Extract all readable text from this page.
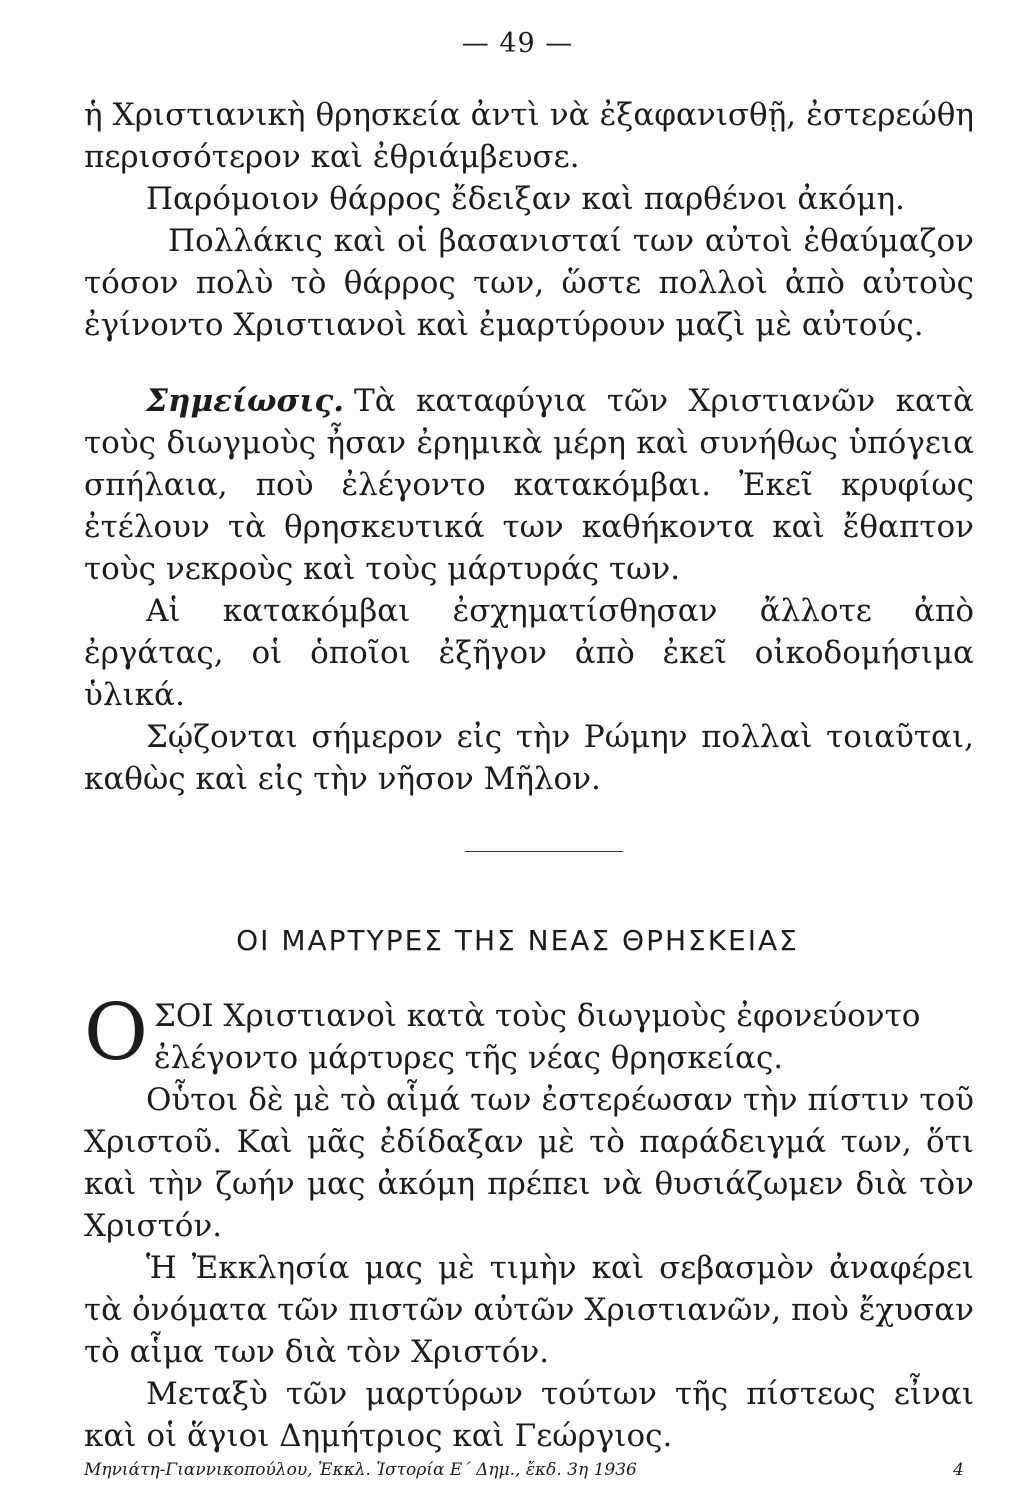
— 49 —

ἡ Χριστιανικὴ θρησκεία ἀντὶ νὰ ἐξαφανισθῇ, ἐστερεώθη περισσότερον καὶ ἐθριάμβευσε.

Παρόμοιον θάρρος ἔδειξαν καὶ παρθένοι ἀκόμη.

Πολλάκις καὶ οἱ βασανισταί των αὐτοὶ ἐθαύμαζον τόσον πολὺ τὸ θάρρος των, ὥστε πολλοὶ ἀπὸ αὐτοὺς ἐγίνοντο Χριστιανοὶ καὶ ἐμαρτύρουν μαζὶ μὲ αὐτούς.

Σημείωσις. Τὰ καταφύγια τῶν Χριστιανῶν κατὰ τοὺς διωγμοὺς ἦσαν ἐρημικὰ μέρη καὶ συνήθως ὑπόγεια σπήλαια, ποὺ ἐλέγοντο κατακόμβαι. Ἐκεῖ κρυφίως ἐτέλουν τὰ θρησκευτικά των καθήκοντα καὶ ἔθαπτον τοὺς νεκροὺς καὶ τοὺς μάρτυράς των.

Αἱ κατακόμβαι ἐσχηματίσθησαν ἄλλοτε ἀπὸ ἐργάτας, οἱ ὁποῖοι ἐξῆγον ἀπὸ ἐκεῖ οἰκοδομήσιμα ὑλικά.

Σῴζονται σήμερον εἰς τὴν Ρώμην πολλαὶ τοιαῦται, καθὼς καὶ εἰς τὴν νῆσον Μῆλον.

ΟΙ ΜΑΡΤΥΡΕΣ ΤΗΣ ΝΕΑΣ ΘΡΗΣΚΕΙΑΣ
Ο ΣΟΙ Χριστιανοὶ κατὰ τοὺς διωγμοὺς ἐφονεύοντο
ἐλέγοντο μάρτυρες τῆς νέας θρησκείας.

Οὗτοι δὲ μὲ τὸ αἷμά των ἐστερέωσαν τὴν πίστιν τοῦ Χριστοῦ. Καὶ μᾶς ἐδίδαξαν μὲ τὸ παράδειγμά των, ὅτι καὶ τὴν ζωήν μας ἀκόμη πρέπει νὰ θυσιάζωμεν διὰ τὸν Χριστόν.

Ἡ Ἐκκλησία μας μὲ τιμὴν καὶ σεβασμὸν ἀναφέρει τὰ ὀνόματα τῶν πιστῶν αὐτῶν Χριστιανῶν, ποὺ ἔχυσαν τὸ αἷμα των διὰ τὸν Χριστόν.

Μεταξὺ τῶν μαρτύρων τούτων τῆς πίστεως εἶναι καὶ οἱ ἅγιοι Δημήτριος καὶ Γεώργιος.

Μηνιάτη-Γιαννικοπούλου, Ἐκκλ. Ἱστορία Ε΄ Δημ., ἔκδ. 3η 1936	4
